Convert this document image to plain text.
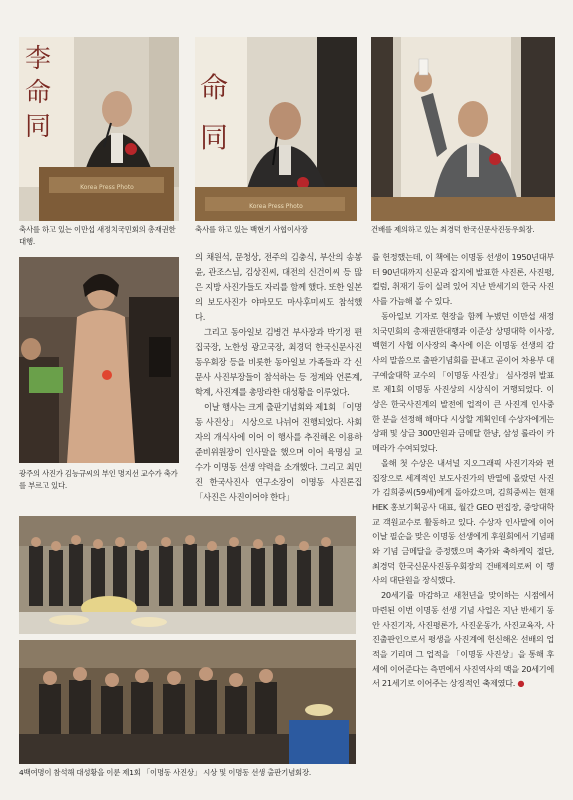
李
命
同
Korea Press Photo
命
同
Korea Press Photo
축사를 하고 있는 이만섭 새정치국민회의 총재권한대행.
축사를 하고 있는 백현기 사협이사장	건배를 제의하고 있는 최경덕 한국신문사진동우회장.
광주의 사진가 김능규씨의 부인 명지선 교수가 축가를 부르고 있다.

의 채원석, 문청상, 전주의 김충식, 부산의 송봉윤, 관조스님, 김상진씨, 대전의 신건이씨 등 많은 지방 사진가들도 자리를 함께 했다. 또한 일본의 보도사진가 야마모도 마사후미씨도 참석했다.

그리고 동아일보 김병건 부사장과 박기정 편집국장, 노한성 광고국장, 최경덕 한국신문사진동우회장 등을 비롯한 동아일보 가족들과 각 신문사 사진부장들이 참석하는 등 정계와 언론계, 학계, 사진계를 총망라한 대성황을 이루었다.

이날 행사는 크게 출판기념회와 제1회 「이명동 사진상」 시상으로 나뉘어 진행되었다. 사회자의 개식사에 이어 이 행사를 추진해온 이용하 준비위원장이 인사말을 했으며 이어 육명심 교수가 이명동 선생 약력을 소개했다. 그리고 최민진 한국사진사 연구소장이 이명동 사진론집 「사진은 사진이어야 한다」

를 헌정했는데, 이 책에는 이명동 선생이 1950년대부터 90년대까지 신문과 잡지에 발표한 사진론, 사진평, 컬럼, 취재기 등이 실려 있어 지난 반세기의 한국 사진사를 가늠해 볼 수 있다.

동아일보 기자로 현장을 함께 누볐던 이만섭 새정치국민회의 총재권한대행과 이준상 상명대학 이사장, 백현기 사협 이사장의 축사에 이은 이명동 선생의 감사의 말씀으로 출판기념회를 끝내고 곧이어 차용부 대구예술대학 교수의 「이명동 사진상」 심사경위 발표로 제1회 이명동 사진상의 시상식이 거행되었다. 이 상은 한국사진계의 발전에 업적이 큰 사진계 인사중 한 분을 선정해 해마다 시상할 계획인데 수상자에게는 상패 및 상금 300만원과 금메달 한냥, 삼성 롤라이 카메라가 수여되었다.

올해 첫 수상은 내셔널 지오그래픽 사진기자와 편집장으로 세계적인 보도사진가의 반열에 올랐던 사진가 김희중씨(59세)에게 돌아갔으며, 김희중씨는 현재 HEK 홍보기획공사 대표, 월간 GEO 편집장, 중앙대학교 객원교수로 활동하고 있다. 수상자 인사말에 이어 이날 필순을 맞은 이명동 선생에게 후원회에서 기념패와 기념 금메달을 증정했으며 축가와 축하케익 절단, 최경덕 한국신문사진동우회장의 건배제의로써 이 행사의 대단원을 장식했다.

20세기를 마감하고 새천년을 맞이하는 시점에서 마련된 이번 이명동 선생 기념 사업은 지난 반세기 동안 사진기자, 사진평론가, 사진운동가, 사진교육자, 사진출판인으로서 평생을 사진계에 헌신해온 선배의 업적을 기리며 그 업적을 「이명동 사진상」을 통해 후세에 이어준다는 측면에서 사진역사의 맥을 20세기에서 21세기로 이어주는 상징적인 축제였다. ●

4백여명이 참석해 대성황을 이룬 제1회 「이명동 사진상」 시상 및 이명동 선생 출판기념회장.
